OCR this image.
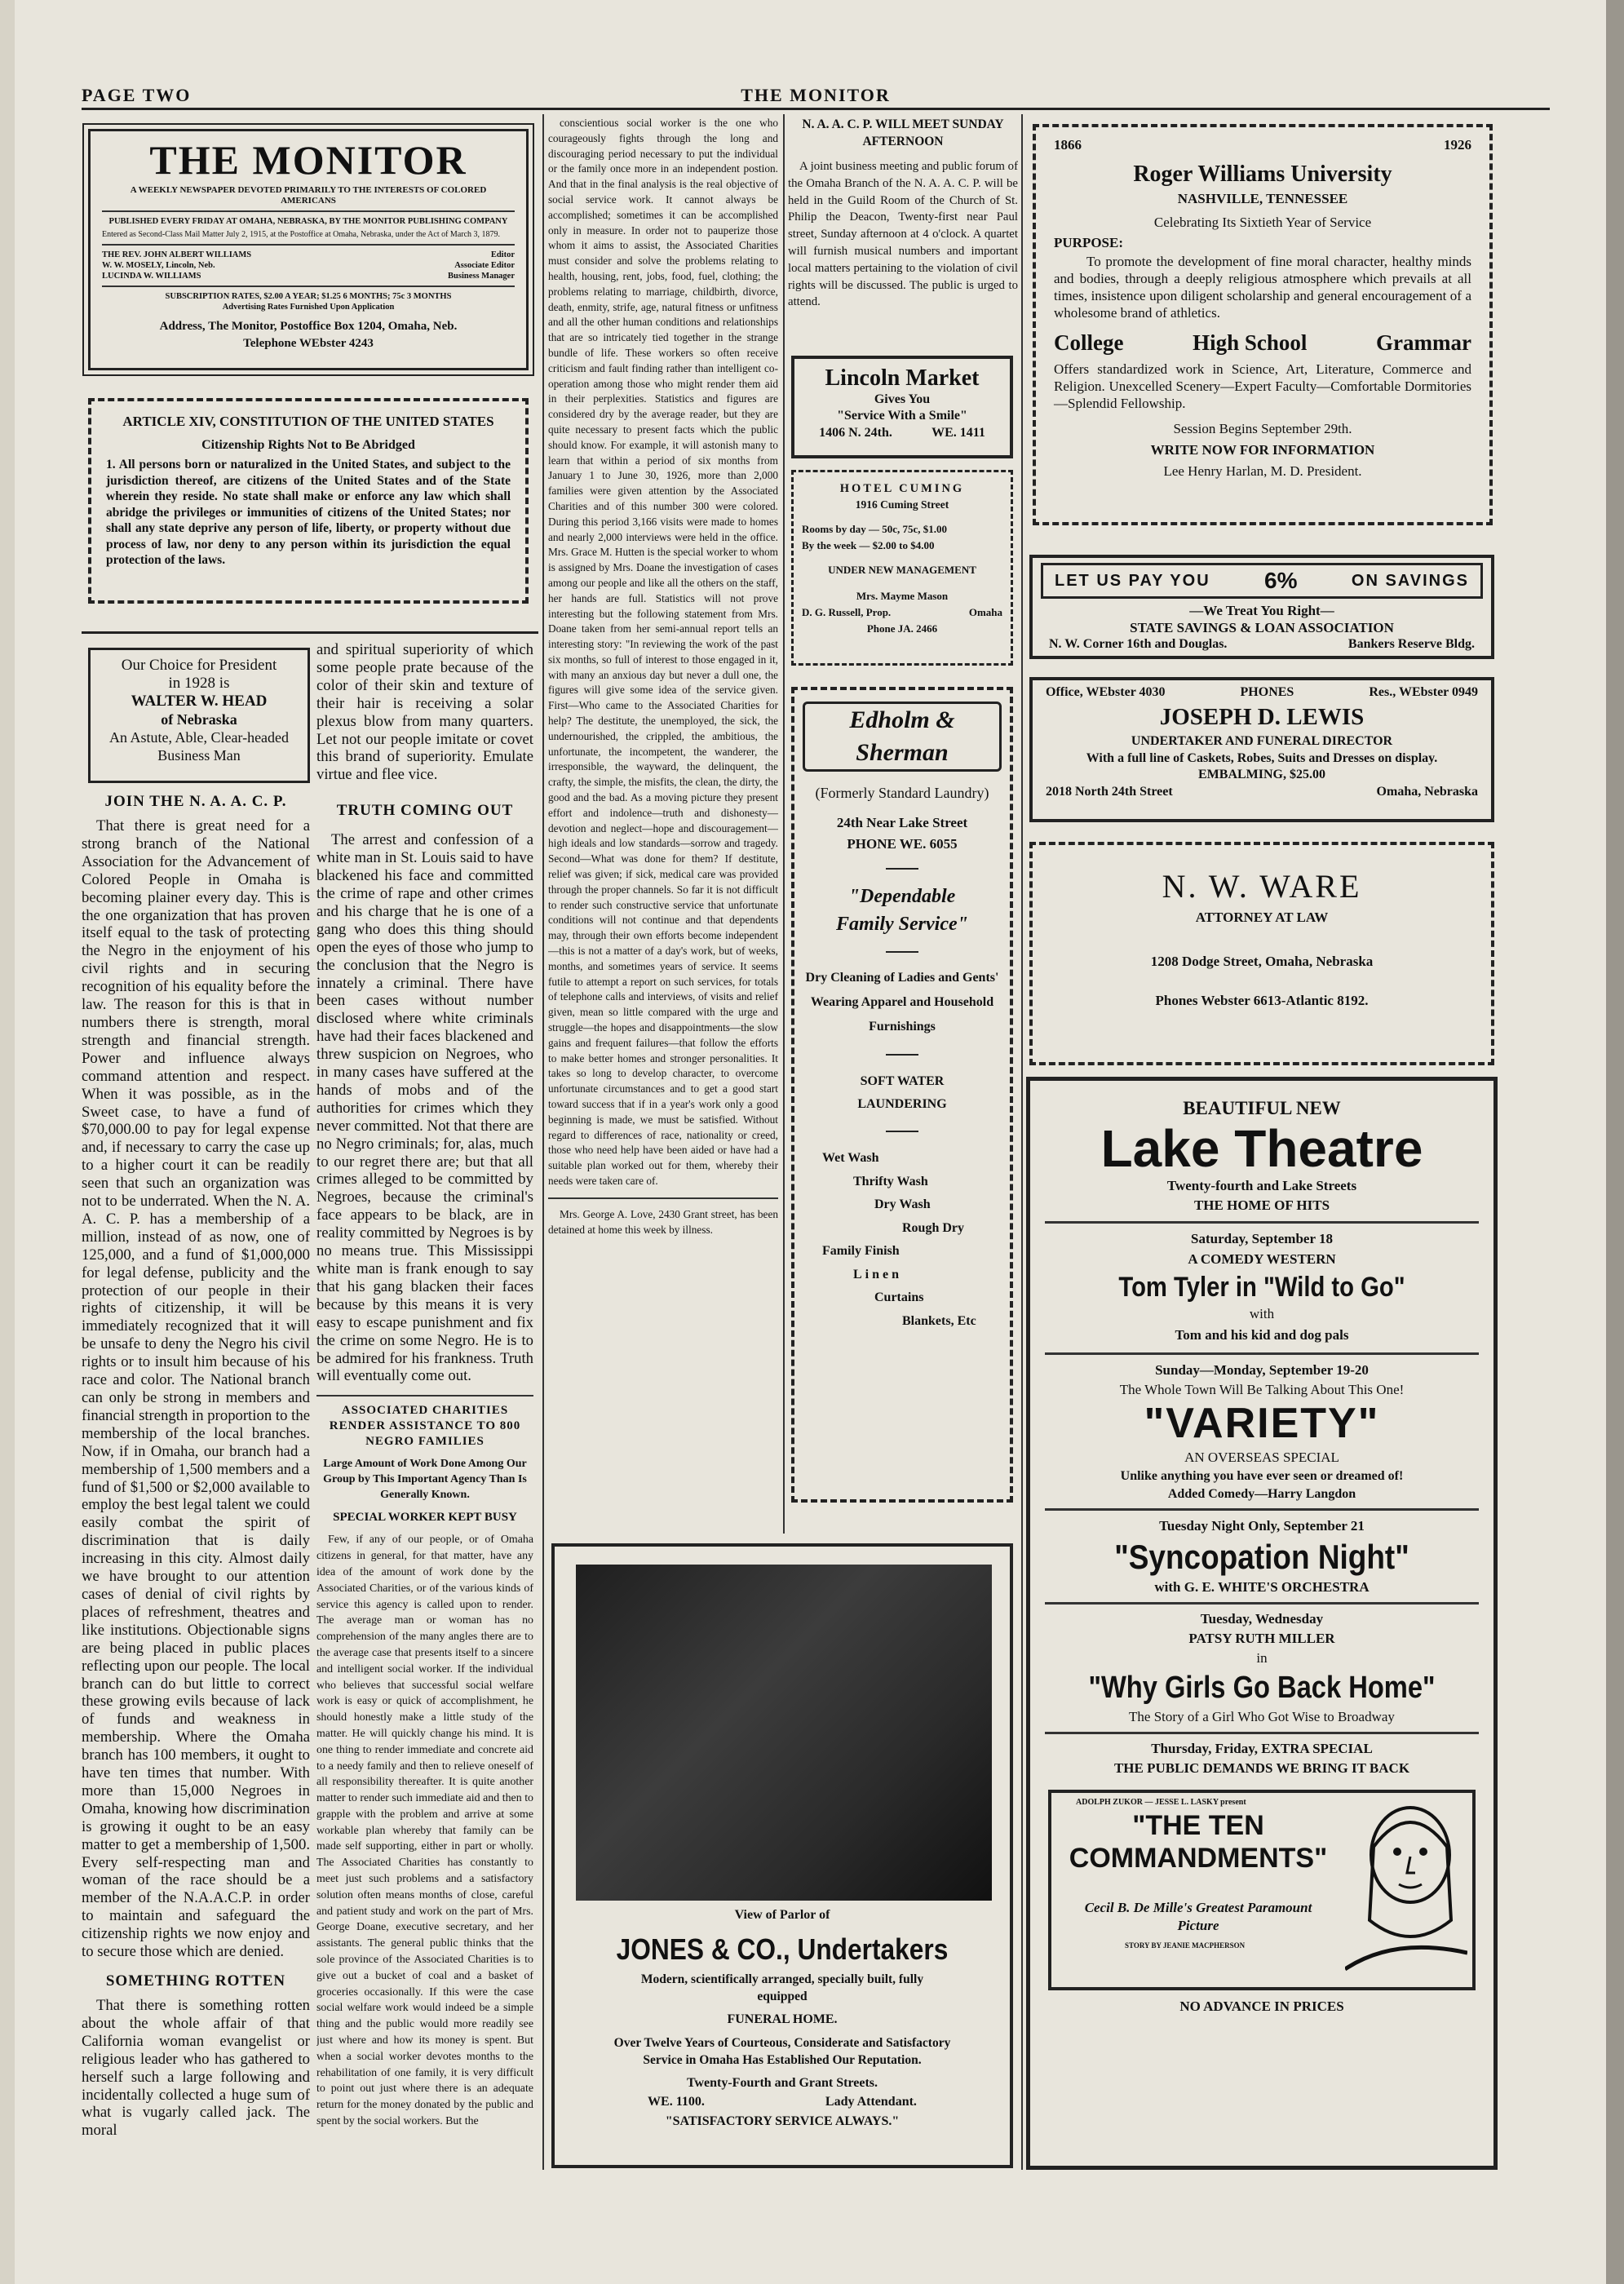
PAGE TWO	THE MONITOR
THE MONITOR
A WEEKLY NEWSPAPER DEVOTED PRIMARILY TO THE INTERESTS OF COLORED AMERICANS
PUBLISHED EVERY FRIDAY AT OMAHA, NEBRASKA, BY THE MONITOR PUBLISHING COMPANY
Entered as Second-Class Mail Matter July 2, 1915, at the Postoffice at Omaha, Nebraska, under the Act of March 3, 1879.
THE REV. JOHN ALBERT WILLIAMS	Editor
W. W. MOSELY, Lincoln, Neb.	Associate Editor
LUCINDA W. WILLIAMS	Business Manager
SUBSCRIPTION RATES, $2.00 A YEAR; $1.25 6 MONTHS; 75c 3 MONTHS
Advertising Rates Furnished Upon Application
Address, The Monitor, Postoffice Box 1204, Omaha, Neb.
Telephone WEbster 4243
ARTICLE XIV, CONSTITUTION OF THE UNITED STATES
Citizenship Rights Not to Be Abridged
1. All persons born or naturalized in the United States, and subject to the jurisdiction thereof, are citizens of the United States and of the State wherein they reside. No state shall make or enforce any law which shall abridge the privileges or immunities of citizens of the United States; nor shall any state deprive any person of life, liberty, or property without due process of law, nor deny to any person within its jurisdiction the equal protection of the laws.
Our Choice for President
in 1928 is
WALTER W. HEAD
of Nebraska
An Astute, Able, Clear-headed Business Man
JOIN THE N. A. A. C. P.

That there is great need for a strong branch of the National Association for the Advancement of Colored People in Omaha is becoming plainer every day. This is the one organization that has proven itself equal to the task of protecting the Negro in the enjoyment of his civil rights and in securing recognition of his equality before the law. The reason for this is that in numbers there is strength, moral strength and financial strength. Power and influence always command attention and respect. When it was possible, as in the Sweet case, to have a fund of $70,000.00 to pay for legal expense and, if necessary to carry the case up to a higher court it can be readily seen that such an organization was not to be underrated. When the N. A. A. C. P. has a membership of a million, instead of as now, one of 125,000, and a fund of $1,000,000 for legal defense, publicity and the protection of our people in their rights of citizenship, it will be immediately recognized that it will be unsafe to deny the Negro his civil rights or to insult him because of his race and color. The National branch can only be strong in members and financial strength in proportion to the membership of the local branches. Now, if in Omaha, our branch had a membership of 1,500 members and a fund of $1,500 or $2,000 available to employ the best legal talent we could easily combat the spirit of discrimination that is daily increasing in this city. Almost daily we have brought to our attention cases of denial of civil rights by places of refreshment, theatres and like institutions. Objectionable signs are being placed in public places reflecting upon our people. The local branch can do but little to correct these growing evils because of lack of funds and weakness in membership. Where the Omaha branch has 100 members, it ought to have ten times that number. With more than 15,000 Negroes in Omaha, knowing how discrimination is growing it ought to be an easy matter to get a membership of 1,500. Every self-respecting man and woman of the race should be a member of the N.A.A.C.P. in order to maintain and safeguard the citizenship rights we now enjoy and to secure those which are denied.

SOMETHING ROTTEN

That there is something rotten about the whole affair of that California woman evangelist or religious leader who has gathered to herself such a large following and incidentally collected a huge sum of what is vugarly called jack. The moral

and spiritual superiority of which some people prate because of the color of their skin and texture of their hair is receiving a solar plexus blow from many quarters. Let not our people imitate or covet this brand of superiority. Emulate virtue and flee vice.

TRUTH COMING OUT

The arrest and confession of a white man in St. Louis said to have blackened his face and committed the crime of rape and other crimes and his charge that he is one of a gang who does this thing should open the eyes of those who jump to the conclusion that the Negro is innately a criminal. There have been cases without number disclosed where white criminals have had their faces blackened and threw suspicion on Negroes, who in many cases have suffered at the hands of mobs and of the authorities for crimes which they never committed. Not that there are no Negro criminals; for, alas, much to our regret there are; but that all crimes alleged to be committed by Negroes, because the criminal's face appears to be black, are in reality committed by Negroes is by no means true. This Mississippi white man is frank enough to say that his gang blacken their faces because by this means it is very easy to escape punishment and fix the crime on some Negro. He is to be admired for his frankness. Truth will eventually come out.

ASSOCIATED CHARITIES RENDER ASSISTANCE TO 800 NEGRO FAMILIES
Large Amount of Work Done Among Our Group by This Important Agency Than Is Generally Known.
SPECIAL WORKER KEPT BUSY

Few, if any of our people, or of Omaha citizens in general, for that matter, have any idea of the amount of work done by the Associated Charities, or of the various kinds of service this agency is called upon to render. The average man or woman has no comprehension of the many angles there are to the average case that presents itself to a sincere and intelligent social worker. If the individual who believes that successful social welfare work is easy or quick of accomplishment, he should honestly make a little study of the matter. He will quickly change his mind. It is one thing to render immediate and concrete aid to a needy family and then to relieve oneself of all responsibility thereafter. It is quite another matter to render such immediate aid and then to grapple with the problem and arrive at some workable plan whereby that family can be made self supporting, either in part or wholly. The Associated Charities has constantly to meet just such problems and a satisfactory solution often means months of close, careful and patient study and work on the part of Mrs. George Doane, executive secretary, and her assistants. The general public thinks that the sole province of the Associated Charities is to give out a bucket of coal and a basket of groceries occasionally. If this were the case social welfare work would indeed be a simple thing and the public would more readily see just where and how its money is spent. But when a social worker devotes months to the rehabilitation of one family, it is very difficult to point out just where there is an adequate return for the money donated by the public and spent by the social workers. But the

conscientious social worker is the one who courageously fights through the long and discouraging period necessary to put the individual or the family once more in an independent postion. And that in the final analysis is the real objective of social service work. It cannot always be accomplished; sometimes it can be accomplished only in measure. In order not to pauperize those whom it aims to assist, the Associated Charities must consider and solve the problems relating to health, housing, rent, jobs, food, fuel, clothing; the problems relating to marriage, childbirth, divorce, death, enmity, strife, age, natural fitness or unfitness and all the other human conditions and relationships that are so intricately tied together in the strange bundle of life. These workers so often receive criticism and fault finding rather than intelligent co-operation among those who might render them aid in their perplexities. Statistics and figures are considered dry by the average reader, but they are quite necessary to present facts which the public should know. For example, it will astonish many to learn that within a period of six months from January 1 to June 30, 1926, more than 2,000 families were given attention by the Associated Charities and of this number 300 were colored. During this period 3,166 visits were made to homes and nearly 2,000 interviews were held in the office. Mrs. Grace M. Hutten is the special worker to whom is assigned by Mrs. Doane the investigation of cases among our people and like all the others on the staff, her hands are full. Statistics will not prove interesting but the following statement from Mrs. Doane taken from her semi-annual report tells an interesting story: "In reviewing the work of the past six months, so full of interest to those engaged in it, with many an anxious day but never a dull one, the figures will give some idea of the service given. First—Who came to the Associated Charities for help? The destitute, the unemployed, the sick, the undernourished, the crippled, the ambitious, the unfortunate, the incompetent, the wanderer, the irresponsible, the wayward, the delinquent, the crafty, the simple, the misfits, the clean, the dirty, the good and the bad. As a moving picture they present effort and indolence—truth and dishonesty—devotion and neglect—hope and discouragement—high ideals and low standards—sorrow and tragedy. Second—What was done for them? If destitute, relief was given; if sick, medical care was provided through the proper channels. So far it is not difficult to render such constructive service that unfortunate conditions will not continue and that dependents may, through their own efforts become independent—this is not a matter of a day's work, but of weeks, months, and sometimes years of service. It seems futile to attempt a report on such services, for totals of telephone calls and interviews, of visits and relief given, mean so little compared with the urge and struggle—the hopes and disappointments—the slow gains and frequent failures—that follow the efforts to make better homes and stronger personalities. It takes so long to develop character, to overcome unfortunate circumstances and to get a good start toward success that if in a year's work only a good beginning is made, we must be satisfied. Without regard to differences of race, nationality or creed, those who need help have been aided or have had a suitable plan worked out for them, whereby their needs were taken care of.

Mrs. George A. Love, 2430 Grant street, has been detained at home this week by illness.

N. A. A. C. P. WILL MEET SUNDAY AFTERNOON

A joint business meeting and public forum of the Omaha Branch of the N. A. A. C. P. will be held in the Guild Room of the Church of St. Philip the Deacon, Twenty-first near Paul street, Sunday afternoon at 4 o'clock. A quartet will furnish musical numbers and important local matters pertaining to the violation of civil rights will be discussed. The public is urged to attend.

Lincoln Market
Gives You
"Service With a Smile"
1406 N. 24th.	WE. 1411
HOTEL CUMING
1916 Cuming Street
Rooms by day — 50c, 75c, $1.00
By the week — $2.00 to $4.00
UNDER NEW MANAGEMENT
Mrs. Mayme Mason
D. G. Russell, Prop.	Omaha
Phone JA. 2466
Edholm & Sherman
(Formerly Standard Laundry)
24th Near Lake Street
PHONE WE. 6055
"Dependable Family Service"
Dry Cleaning of Ladies and Gents' Wearing Apparel and Household Furnishings
SOFT WATER LAUNDERING
Wet Wash
Thrifty Wash
Dry Wash
Rough Dry
Family Finish
Linen
Curtains
Blankets, Etc
View of Parlor of
JONES & CO., Undertakers
Modern, scientifically arranged, specially built, fully equipped
FUNERAL HOME.
Over Twelve Years of Courteous, Considerate and Satisfactory Service in Omaha Has Established Our Reputation.
Twenty-Fourth and Grant Streets.
WE. 1100.	Lady Attendant.
"SATISFACTORY SERVICE ALWAYS."
1866	1926
Roger Williams University
NASHVILLE, TENNESSEE
Celebrating Its Sixtieth Year of Service
PURPOSE:

To promote the development of fine moral character, healthy minds and bodies, through a deeply religious atmosphere which prevails at all times, insistence upon diligent scholarship and general encouragement of a wholesome brand of athletics.

College	High School	Grammar

Offers standardized work in Science, Art, Literature, Commerce and Religion. Unexcelled Scenery—Expert Faculty—Comfortable Dormitories—Splendid Fellowship.

Session Begins September 29th.
WRITE NOW FOR INFORMATION
Lee Henry Harlan, M. D. President.
LET US PAY YOU 6%	ON SAVINGS
—We Treat You Right—
STATE SAVINGS & LOAN ASSOCIATION
N. W. Corner 16th and Douglas.	Bankers Reserve Bldg.
Office, WEbster 4030	PHONES	Res., WEbster 0949
JOSEPH D. LEWIS
UNDERTAKER AND FUNERAL DIRECTOR
With a full line of Caskets, Robes, Suits and Dresses on display.
EMBALMING, $25.00
2018 North 24th Street	Omaha, Nebraska
N. W. WARE
ATTORNEY AT LAW
1208 Dodge Street, Omaha, Nebraska
Phones Webster 6613-Atlantic 8192.
BEAUTIFUL NEW
Lake Theatre
Twenty-fourth and Lake Streets
THE HOME OF HITS
Saturday, September 18
A COMEDY WESTERN
Tom Tyler in "Wild to Go"
with
Tom and his kid and dog pals
Sunday—Monday, September 19-20
The Whole Town Will Be Talking About This One!
"VARIETY"
AN OVERSEAS SPECIAL
Unlike anything you have ever seen or dreamed of!
Added Comedy—Harry Langdon
Tuesday Night Only, September 21
"Syncopation Night"
with G. E. WHITE'S ORCHESTRA
Tuesday, Wednesday
PATSY RUTH MILLER
in
"Why Girls Go Back Home"
The Story of a Girl Who Got Wise to Broadway
Thursday, Friday, EXTRA SPECIAL
THE PUBLIC DEMANDS WE BRING IT BACK
ADOLPH ZUKOR — JESSE L. LASKY present
"THE TEN COMMANDMENTS"
Cecil B. De Mille's Greatest Paramount Picture
STORY BY JEANIE MACPHERSON
NO ADVANCE IN PRICES
